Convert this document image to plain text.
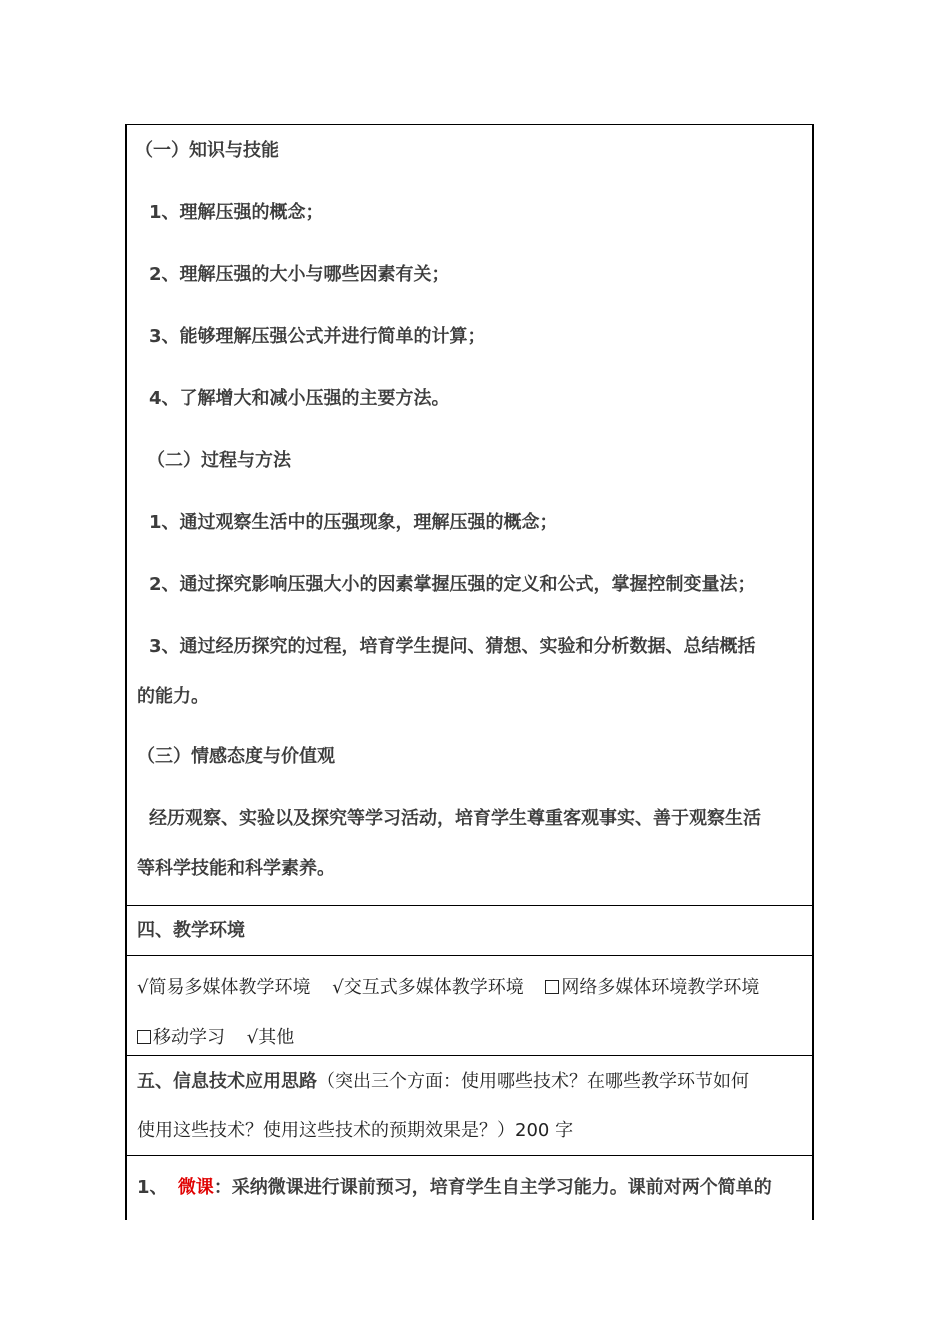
（一）知识与技能
1、理解压强的概念；
2、理解压强的大小与哪些因素有关；
3、能够理解压强公式并进行简单的计算；
4、了解增大和减小压强的主要方法。
（二）过程与方法
1、通过观察生活中的压强现象，理解压强的概念；
2、通过探究影响压强大小的因素掌握压强的定义和公式，掌握控制变量法；
3、通过经历探究的过程，培育学生提问、猜想、实验和分析数据、总结概括
的能力。
（三）情感态度与价值观
经历观察、实验以及探究等学习活动，培育学生尊重客观事实、善于观察生活
等科学技能和科学素养。
四、教学环境
√简易多媒体教学环境 √交互式多媒体教学环境 网络多媒体环境教学环境
移动学习 √其他
五、信息技术应用思路（突出三个方面：使用哪些技术？在哪些教学环节如何
使用这些技术？使用这些技术的预期效果是？）200 字
1、 微课：采纳微课进行课前预习，培育学生自主学习能力。课前对两个简单的
